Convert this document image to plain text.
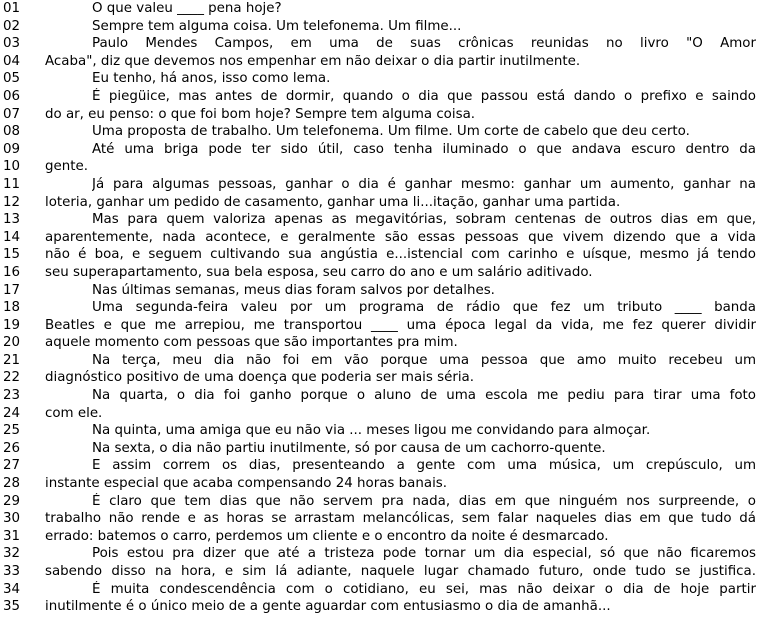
01	O que valeu ____ pena hoje?
02	Sempre tem alguma coisa. Um telefonema. Um filme...
03	Paulo Mendes Campos, em uma de suas crônicas reunidas no livro "O Amor
04	Acaba", diz que devemos nos empenhar em não deixar o dia partir inutilmente.
05	Eu tenho, há anos, isso como lema.
06	É piegüice, mas antes de dormir, quando o dia que passou está dando o prefixo e saindo
07	do ar, eu penso: o que foi bom hoje? Sempre tem alguma coisa.
08	Uma proposta de trabalho. Um telefonema. Um filme. Um corte de cabelo que deu certo.
09	Até uma briga pode ter sido útil, caso tenha iluminado o que andava escuro dentro da
10	gente.
11	Já para algumas pessoas, ganhar o dia é ganhar mesmo: ganhar um aumento, ganhar na
12	loteria, ganhar um pedido de casamento, ganhar uma li...itação, ganhar uma partida.
13	Mas para quem valoriza apenas as megavitórias, sobram centenas de outros dias em que,
14	aparentemente, nada acontece, e geralmente são essas pessoas que vivem dizendo que a vida
15	não é boa, e seguem cultivando sua angústia e...istencial com carinho e uísque, mesmo já tendo
16	seu superapartamento, sua bela esposa, seu carro do ano e um salário aditivado.
17	Nas últimas semanas, meus dias foram salvos por detalhes.
18	Uma segunda-feira valeu por um programa de rádio que fez um tributo ____ banda
19	Beatles e que me arrepiou, me transportou ____ uma época legal da vida, me fez querer dividir
20	aquele momento com pessoas que são importantes pra mim.
21	Na terça, meu dia não foi em vão porque uma pessoa que amo muito recebeu um
22	diagnóstico positivo de uma doença que poderia ser mais séria.
23	Na quarta, o dia foi ganho porque o aluno de uma escola me pediu para tirar uma foto
24	com ele.
25	Na quinta, uma amiga que eu não via ... meses ligou me convidando para almoçar.
26	Na sexta, o dia não partiu inutilmente, só por causa de um cachorro-quente.
27	E assim correm os dias, presenteando a gente com uma música, um crepúsculo, um
28	instante especial que acaba compensando 24 horas banais.
29	É claro que tem dias que não servem pra nada, dias em que ninguém nos surpreende, o
30	trabalho não rende e as horas se arrastam melancólicas, sem falar naqueles dias em que tudo dá
31	errado: batemos o carro, perdemos um cliente e o encontro da noite é desmarcado.
32	Pois estou pra dizer que até a tristeza pode tornar um dia especial, só que não ficaremos
33	sabendo disso na hora, e sim lá adiante, naquele lugar chamado futuro, onde tudo se justifica.
34	É muita condescendência com o cotidiano, eu sei, mas não deixar o dia de hoje partir
35	inutilmente é o único meio de a gente aguardar com entusiasmo o dia de amanhã...
